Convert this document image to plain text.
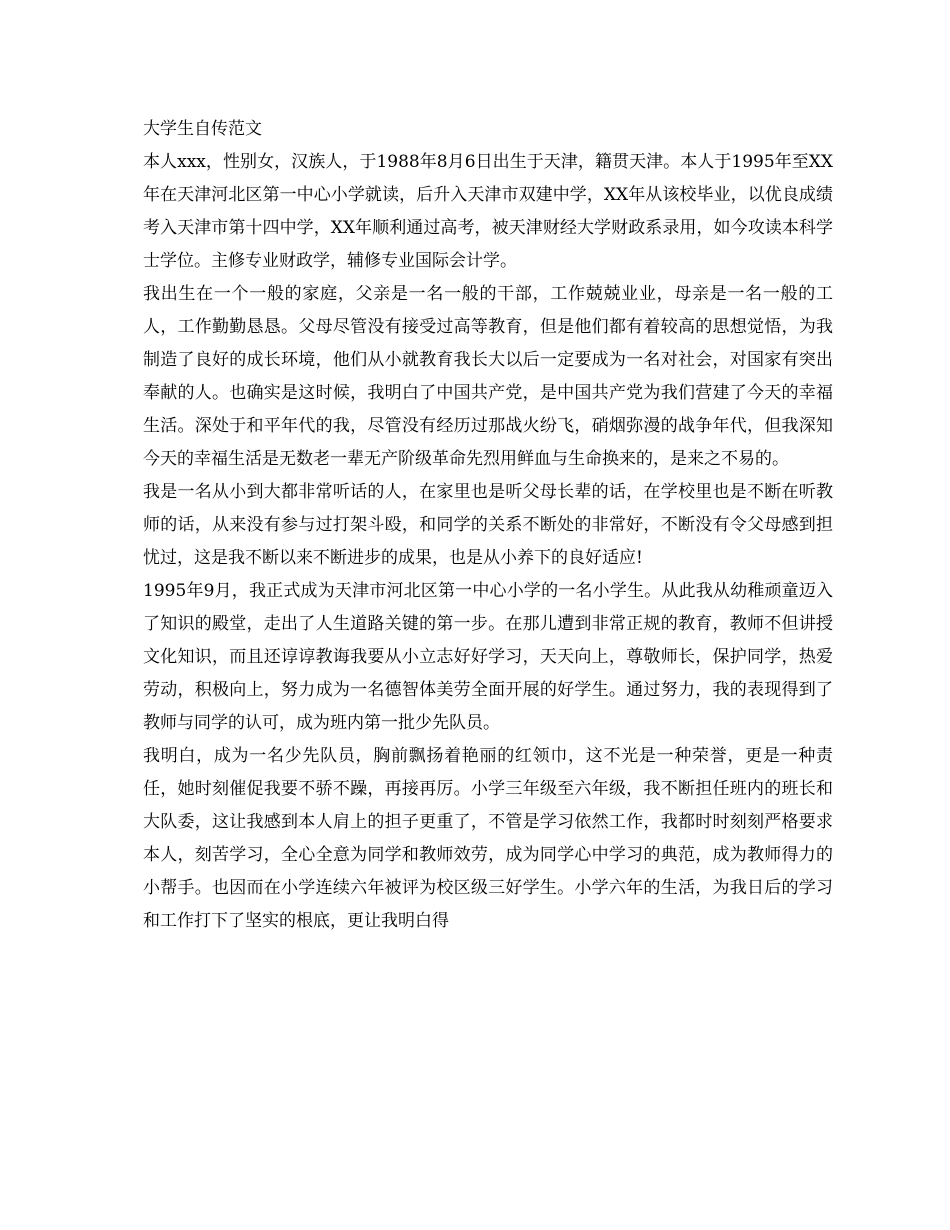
大学生自传范文

本人xxx，性别女，汉族人，于1988年8月6日出生于天津，籍贯天津。本人于1995年至XX年在天津河北区第一中心小学就读，后升入天津市双建中学，XX年从该校毕业，以优良成绩考入天津市第十四中学，XX年顺利通过高考，被天津财经大学财政系录用，如今攻读本科学士学位。主修专业财政学，辅修专业国际会计学。

我出生在一个一般的家庭，父亲是一名一般的干部，工作兢兢业业，母亲是一名一般的工人，工作勤勤恳恳。父母尽管没有接受过高等教育，但是他们都有着较高的思想觉悟，为我制造了良好的成长环境，他们从小就教育我长大以后一定要成为一名对社会，对国家有突出奉献的人。也确实是这时候，我明白了中国共产党，是中国共产党为我们营建了今天的幸福生活。深处于和平年代的我，尽管没有经历过那战火纷飞，硝烟弥漫的战争年代，但我深知今天的幸福生活是无数老一辈无产阶级革命先烈用鲜血与生命换来的，是来之不易的。

我是一名从小到大都非常听话的人，在家里也是听父母长辈的话，在学校里也是不断在听教师的话，从来没有参与过打架斗殴，和同学的关系不断处的非常好，不断没有令父母感到担忧过，这是我不断以来不断进步的成果，也是从小养下的良好适应!

1995年9月，我正式成为天津市河北区第一中心小学的一名小学生。从此我从幼稚顽童迈入了知识的殿堂，走出了人生道路关键的第一步。在那儿遭到非常正规的教育，教师不但讲授文化知识，而且还谆谆教诲我要从小立志好好学习，天天向上，尊敬师长，保护同学，热爱劳动，积极向上，努力成为一名德智体美劳全面开展的好学生。通过努力，我的表现得到了教师与同学的认可，成为班内第一批少先队员。

我明白，成为一名少先队员，胸前飘扬着艳丽的红领巾，这不光是一种荣誉，更是一种责任，她时刻催促我要不骄不躁，再接再厉。小学三年级至六年级，我不断担任班内的班长和大队委，这让我感到本人肩上的担子更重了，不管是学习依然工作，我都时时刻刻严格要求本人，刻苦学习，全心全意为同学和教师效劳，成为同学心中学习的典范，成为教师得力的小帮手。也因而在小学连续六年被评为校区级三好学生。小学六年的生活，为我日后的学习和工作打下了坚实的根底，更让我明白得
